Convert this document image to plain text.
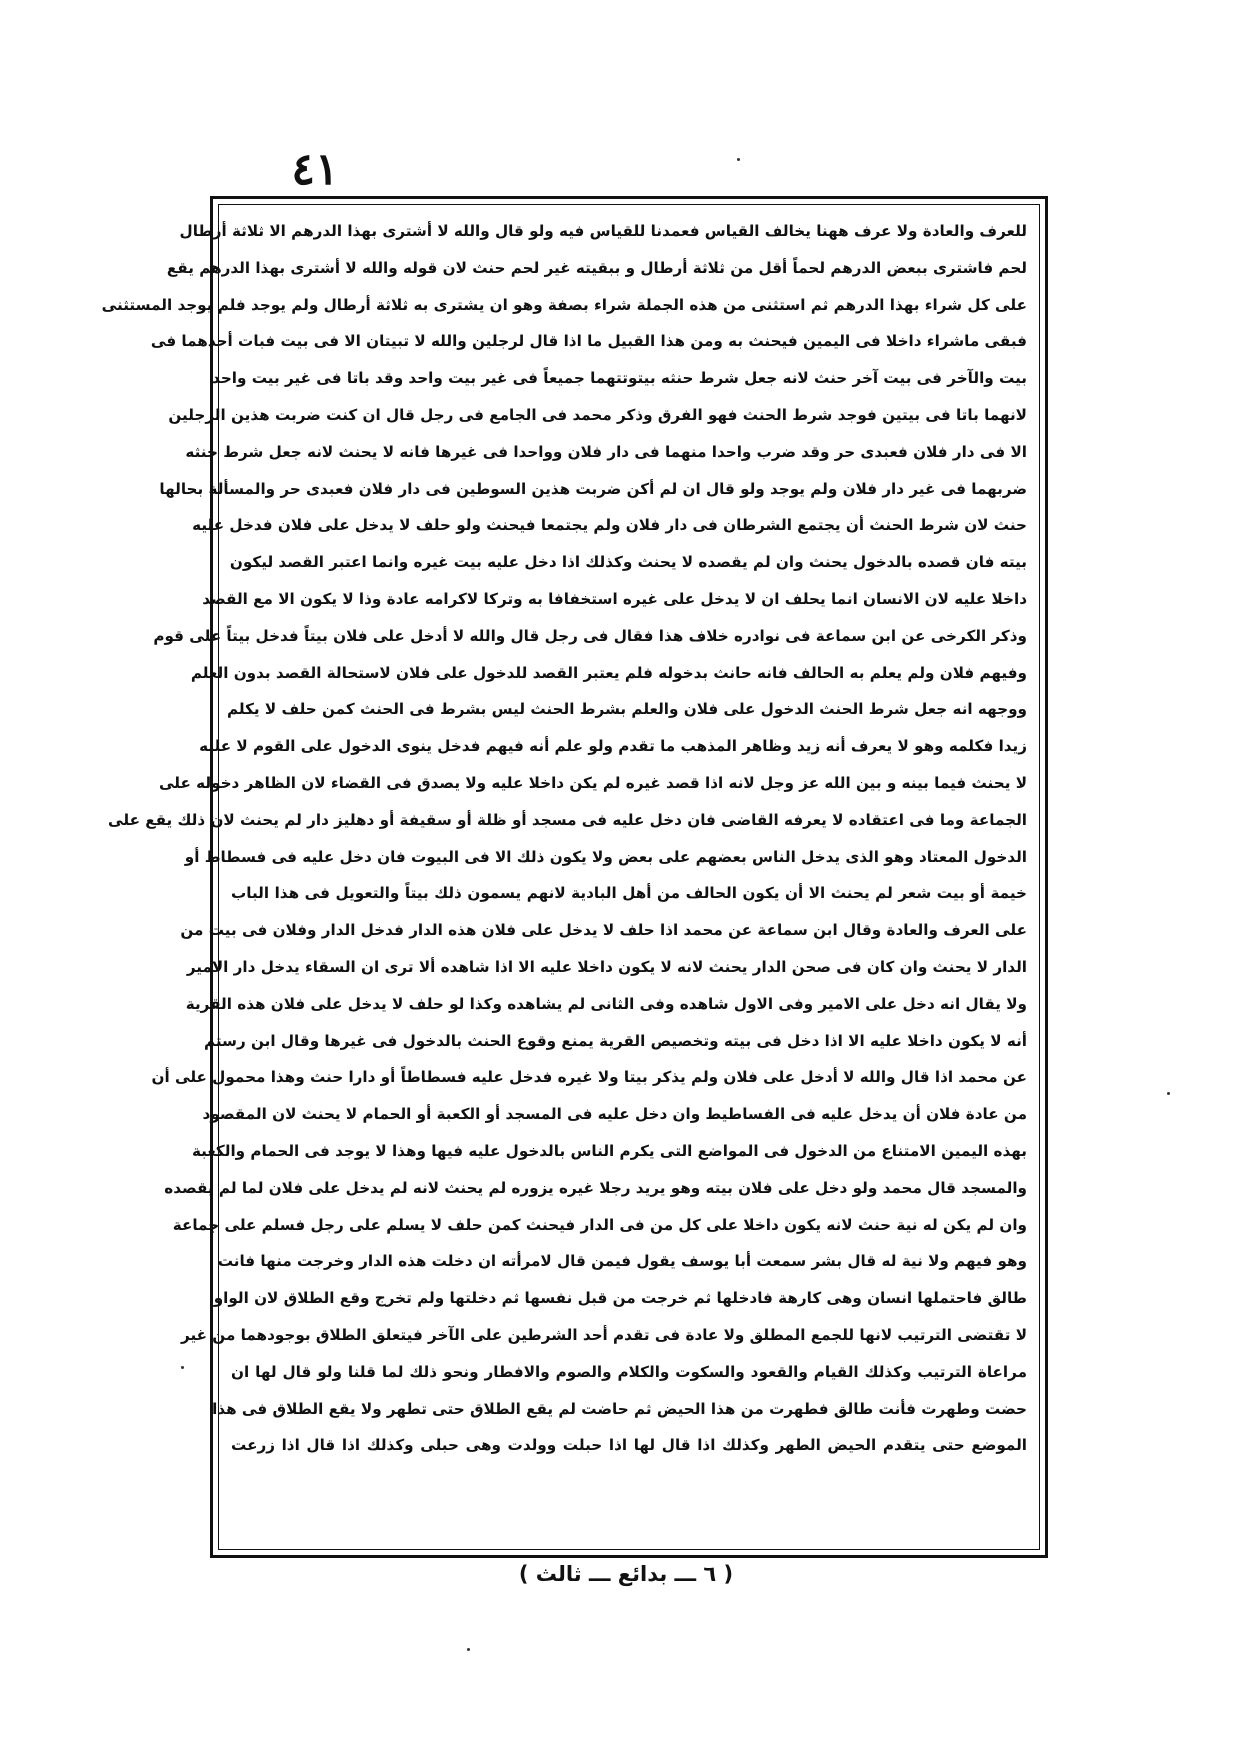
٤١
للعرف والعادة ولا عرف ههنا يخالف القياس فعمدنا للقياس فيه ولو قال والله لا أشترى بهذا الدرهم الا ثلاثة أرطال
لحم فاشترى ببعض الدرهم لحماً أقل من ثلاثة أرطال و ببقيته غير لحم حنث لان قوله والله لا أشترى بهذا الدرهم يقع
على كل شراء بهذا الدرهم ثم استثنى من هذه الجملة شراء بصفة وهو ان يشترى به ثلاثة أرطال ولم يوجد فلم يوجد المستثنى
فبقى ماشراء داخلا فى اليمين فيحنث به ومن هذا القبيل ما اذا قال لرجلين والله لا تبيتان الا فى بيت فبات أحدهما فى
بيت والآخر فى بيت آخر حنث لانه جعل شرط حنثه بيتوتتهما جميعاً فى غير بيت واحد وقد باتا فى غير بيت واحد
لانهما باتا فى بيتين فوجد شرط الحنث فهو الفرق وذكر محمد فى الجامع فى رجل قال ان كنت ضربت هذين الرجلين
الا فى دار فلان فعبدى حر وقد ضرب واحدا منهما فى دار فلان وواحدا فى غيرها فانه لا يحنث لانه جعل شرط حنثه
ضربهما فى غير دار فلان ولم يوجد ولو قال ان لم أكن ضربت هذين السوطين فى دار فلان فعبدى حر والمسألة بحالها
حنث لان شرط الحنث أن يجتمع الشرطان فى دار فلان ولم يجتمعا فيحنث ولو حلف لا يدخل على فلان فدخل عليه
بيته فان قصده بالدخول يحنث وان لم يقصده لا يحنث وكذلك اذا دخل عليه بيت غيره وانما اعتبر القصد ليكون
داخلا عليه لان الانسان انما يحلف ان لا يدخل على غيره استخفافا به وتركا لاكرامه عادة وذا لا يكون الا مع القصد
وذكر الكرخى عن ابن سماعة فى نوادره خلاف هذا فقال فى رجل قال والله لا أدخل على فلان بيتاً فدخل بيتاً على قوم
وفيهم فلان ولم يعلم به الحالف فانه حانث بدخوله فلم يعتبر القصد للدخول على فلان لاستحالة القصد بدون العلم
ووجهه انه جعل شرط الحنث الدخول على فلان والعلم بشرط الحنث ليس بشرط فى الحنث كمن حلف لا يكلم
زيدا فكلمه وهو لا يعرف أنه زيد وظاهر المذهب ما تقدم ولو علم أنه فيهم فدخل ينوى الدخول على القوم لا عليه
لا يحنث فيما بينه و بين الله عز وجل لانه اذا قصد غيره لم يكن داخلا عليه ولا يصدق فى القضاء لان الظاهر دخوله على
الجماعة وما فى اعتقاده لا يعرفه القاضى فان دخل عليه فى مسجد أو ظلة أو سقيفة أو دهليز دار لم يحنث لان ذلك يقع على
الدخول المعتاد وهو الذى يدخل الناس بعضهم على بعض ولا يكون ذلك الا فى البيوت فان دخل عليه فى فسطاط أو
خيمة أو بيت شعر لم يحنث الا أن يكون الحالف من أهل البادية لانهم يسمون ذلك بيتاً والتعويل فى هذا الباب
على العرف والعادة وقال ابن سماعة عن محمد اذا حلف لا يدخل على فلان هذه الدار فدخل الدار وفلان فى بيت من
الدار لا يحنث وان كان فى صحن الدار يحنث لانه لا يكون داخلا عليه الا اذا شاهده ألا ترى ان السقاء يدخل دار الامير
ولا يقال انه دخل على الامير وفى الاول شاهده وفى الثانى لم يشاهده وكذا لو حلف لا يدخل على فلان هذه القرية
أنه لا يكون داخلا عليه الا اذا دخل فى بيته وتخصيص القرية يمنع وقوع الحنث بالدخول فى غيرها وقال ابن رستم
عن محمد اذا قال والله لا أدخل على فلان ولم يذكر بيتا ولا غيره فدخل عليه فسطاطاً أو دارا حنث وهذا محمول على أن
من عادة فلان أن يدخل عليه فى الفساطيط وان دخل عليه فى المسجد أو الكعبة أو الحمام لا يحنث لان المقصود
بهذه اليمين الامتناع من الدخول فى المواضع التى يكرم الناس بالدخول عليه فيها وهذا لا يوجد فى الحمام والكعبة
والمسجد قال محمد ولو دخل على فلان بيته وهو يريد رجلا غيره يزوره لم يحنث لانه لم يدخل على فلان لما لم يقصده
وان لم يكن له نية حنث لانه يكون داخلا على كل من فى الدار فيحنث كمن حلف لا يسلم على رجل فسلم على جماعة
وهو فيهم ولا نية له قال بشر سمعت أبا يوسف يقول فيمن قال لامرأته ان دخلت هذه الدار وخرجت منها فانت
طالق فاحتملها انسان وهى كارهة فادخلها ثم خرجت من قبل نفسها ثم دخلتها ولم تخرج وقع الطلاق لان الواو
لا تقتضى الترتيب لانها للجمع المطلق ولا عادة فى تقدم أحد الشرطين على الآخر فيتعلق الطلاق بوجودهما من غير
مراعاة الترتيب وكذلك القيام والقعود والسكوت والكلام والصوم والافطار ونحو ذلك لما قلنا ولو قال لها ان
حضت وطهرت فأنت طالق فطهرت من هذا الحيض ثم حاضت لم يقع الطلاق حتى تطهر ولا يقع الطلاق فى هذا
الموضع حتى يتقدم الحيض الطهر وكذلك اذا قال لها اذا حبلت وولدت وهى حبلى وكذلك اذا قال اذا زرعت
( ٦ ـــ بدائع ـــ ثالث )
